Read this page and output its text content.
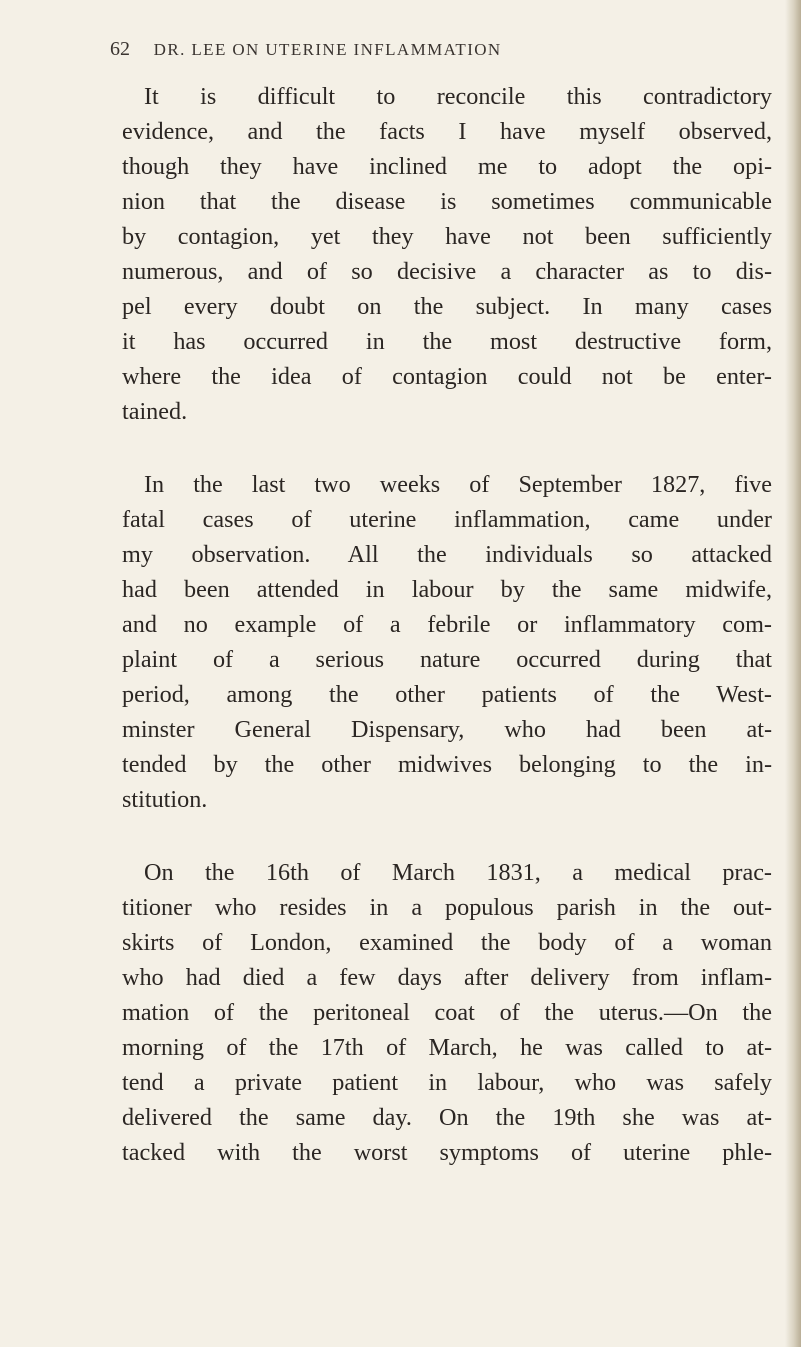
62 DR. LEE ON UTERINE INFLAMMATION
It is difficult to reconcile this contradictory
evidence, and the facts I have myself observed,
though they have inclined me to adopt the opi-
nion that the disease is sometimes communicable
by contagion, yet they have not been sufficiently
numerous, and of so decisive a character as to dis-
pel every doubt on the subject. In many cases
it has occurred in the most destructive form,
where the idea of contagion could not be enter-
tained.
In the last two weeks of September 1827, five
fatal cases of uterine inflammation, came under
my observation. All the individuals so attacked
had been attended in labour by the same midwife,
and no example of a febrile or inflammatory com-
plaint of a serious nature occurred during that
period, among the other patients of the West-
minster General Dispensary, who had been at-
tended by the other midwives belonging to the in-
stitution.
On the 16th of March 1831, a medical prac-
titioner who resides in a populous parish in the out-
skirts of London, examined the body of a woman
who had died a few days after delivery from inflam-
mation of the peritoneal coat of the uterus.—On the
morning of the 17th of March, he was called to at-
tend a private patient in labour, who was safely
delivered the same day. On the 19th she was at-
tacked with the worst symptoms of uterine phle-
